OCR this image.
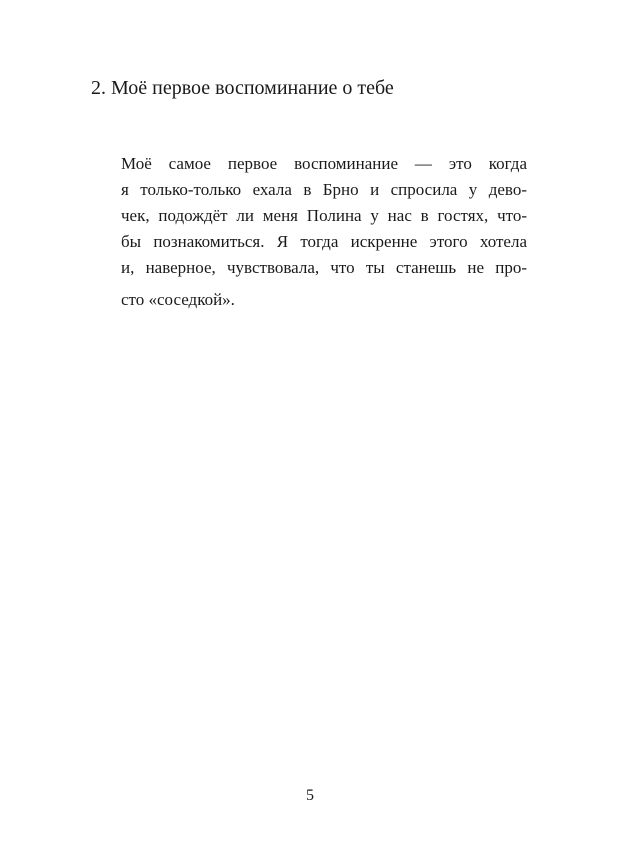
2. Моё первое воспоминание о тебе
Моё самое первое воспоминание — это когда
я только-только ехала в Брно и спросила у дево-
чек, подождёт ли меня Полина у нас в гостях, что-
бы познакомиться. Я тогда искренне этого хотела
и, наверное, чувствовала, что ты станешь не про-
сто «соседкой».
5
